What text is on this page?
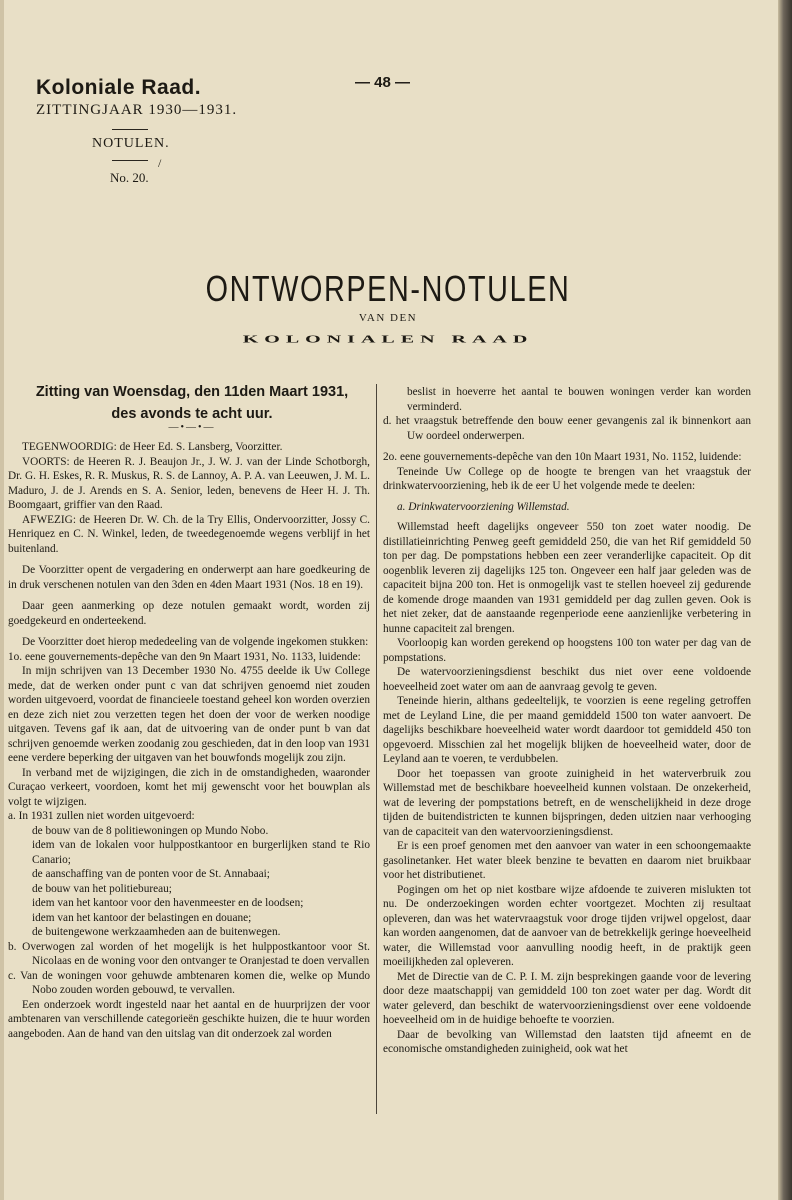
Koloniale Raad.
ZITTINGJAAR 1930—1931.
— 48 —
NOTULEN.
/
No. 20.
ONTWORPEN-NOTULEN
VAN DEN
KOLONIALEN RAAD
Zitting van Woensdag, den 11den Maart 1931,
des avonds te acht uur.
—•—•—

TEGENWOORDIG: de Heer Ed. S. Lansberg, Voorzitter.

VOORTS: de Heeren R. J. Beaujon Jr., J. W. J. van der Linde Schotborgh, Dr. G. H. Eskes, R. R. Muskus, R. S. de Lannoy, A. P. A. van Leeuwen, J. M. L. Maduro, J. de J. Arends en S. A. Senior, leden, benevens de Heer H. J. Th. Boomgaart, griffier van den Raad.

AFWEZIG: de Heeren Dr. W. Ch. de la Try Ellis, Ondervoorzitter, Jossy C. Henriquez en C. N. Winkel, leden, de tweedegenoemde wegens verblijf in het buitenland.

De Voorzitter opent de vergadering en onderwerpt aan hare goedkeuring de in druk verschenen notulen van den 3den en 4den Maart 1931 (Nos. 18 en 19).

Daar geen aanmerking op deze notulen gemaakt wordt, worden zij goedgekeurd en onderteekend.

De Voorzitter doet hierop mededeeling van de volgende ingekomen stukken:

1o. eene gouvernements-depêche van den 9n Maart 1931, No. 1133, luidende:

In mijn schrijven van 13 December 1930 No. 4755 deelde ik Uw College mede, dat de werken onder punt c van dat schrijven genoemd niet zouden worden uitgevoerd, voordat de financieele toestand geheel kon worden overzien en deze zich niet zou verzetten tegen het doen der voor de werken noodige uitgaven. Tevens gaf ik aan, dat de uitvoering van de onder punt b van dat schrijven genoemde werken zoodanig zou geschieden, dat in den loop van 1931 eene verdere beperking der uitgaven van het bouwfonds mogelijk zou zijn.

In verband met de wijzigingen, die zich in de omstandigheden, waaronder Curaçao verkeert, voordoen, komt het mij gewenscht voor het bouwplan als volgt te wijzigen.

a. In 1931 zullen niet worden uitgevoerd:

de bouw van de 8 politiewoningen op Mundo Nobo.

idem van de lokalen voor hulppostkantoor en burgerlijken stand te Rio Canario;

de aanschaffing van de ponten voor de St. Annabaai;

de bouw van het politiebureau;

idem van het kantoor voor den havenmeester en de loodsen;

idem van het kantoor der belastingen en douane;

de buitengewone werkzaamheden aan de buitenwegen.

b. Overwogen zal worden of het mogelijk is het hulppostkantoor voor St. Nicolaas en de woning voor den ontvanger te Oranjestad te doen vervallen

c. Van de woningen voor gehuwde ambtenaren komen die, welke op Mundo Nobo zouden worden gebouwd, te vervallen.

Een onderzoek wordt ingesteld naar het aantal en de huurprijzen der voor ambtenaren van verschillende categorieën geschikte huizen, die te huur worden aangeboden. Aan de hand van den uitslag van dit onderzoek zal worden

beslist in hoeverre het aantal te bouwen woningen verder kan worden verminderd.

d. het vraagstuk betreffende den bouw eener gevangenis zal ik binnenkort aan Uw oordeel onderwerpen.

2o. eene gouvernements-depêche van den 10n Maart 1931, No. 1152, luidende:

Teneinde Uw College op de hoogte te brengen van het vraagstuk der drinkwatervoorziening, heb ik de eer U het volgende mede te deelen:

a. Drinkwatervoorziening Willemstad.

Willemstad heeft dagelijks ongeveer 550 ton zoet water noodig. De distillatieinrichting Penweg geeft gemiddeld 250, die van het Rif gemiddeld 50 ton per dag. De pompstations hebben een zeer veranderlijke capaciteit. Op dit oogenblik leveren zij dagelijks 125 ton. Ongeveer een half jaar geleden was de capaciteit bijna 200 ton. Het is onmogelijk vast te stellen hoeveel zij gedurende de komende droge maanden van 1931 gemiddeld per dag zullen geven. Ook is het niet zeker, dat de aanstaande regenperiode eene aanzienlijke verbetering in hunne capaciteit zal brengen.

Voorloopig kan worden gerekend op hoogstens 100 ton water per dag van de pompstations.

De watervoorzieningsdienst beschikt dus niet over eene voldoende hoeveelheid zoet water om aan de aanvraag gevolg te geven.

Teneinde hierin, althans gedeeltelijk, te voorzien is eene regeling getroffen met de Leyland Line, die per maand gemiddeld 1500 ton water aanvoert. De dagelijks beschikbare hoeveelheid water wordt daardoor tot gemiddeld 450 ton opgevoerd. Misschien zal het mogelijk blijken de hoeveelheid water, door de Leyland aan te voeren, te verdubbelen.

Door het toepassen van groote zuinigheid in het waterverbruik zou Willemstad met de beschikbare hoeveelheid kunnen volstaan. De onzekerheid, wat de levering der pompstations betreft, en de wenschelijkheid in deze droge tijden de buitendistricten te kunnen bijspringen, deden uitzien naar verhooging van de capaciteit van den watervoorzieningsdienst.

Er is een proef genomen met den aanvoer van water in een schoongemaakte gasolinetanker. Het water bleek benzine te bevatten en daarom niet bruikbaar voor het distributienet.

Pogingen om het op niet kostbare wijze afdoende te zuiveren mislukten tot nu. De onderzoekingen worden echter voortgezet. Mochten zij resultaat opleveren, dan was het watervraagstuk voor droge tijden vrijwel opgelost, daar kan worden aangenomen, dat de aanvoer van de betrekkelijk geringe hoeveelheid water, die Willemstad voor aanvulling noodig heeft, in de praktijk geen moeilijkheden zal opleveren.

Met de Directie van de C. P. I. M. zijn besprekingen gaande voor de levering door deze maatschappij van gemiddeld 100 ton zoet water per dag. Wordt dit water geleverd, dan beschikt de watervoorzieningsdienst over eene voldoende hoeveelheid om in de huidige behoefte te voorzien.

Daar de bevolking van Willemstad den laatsten tijd afneemt en de economische omstandigheden zuinigheid, ook wat het
